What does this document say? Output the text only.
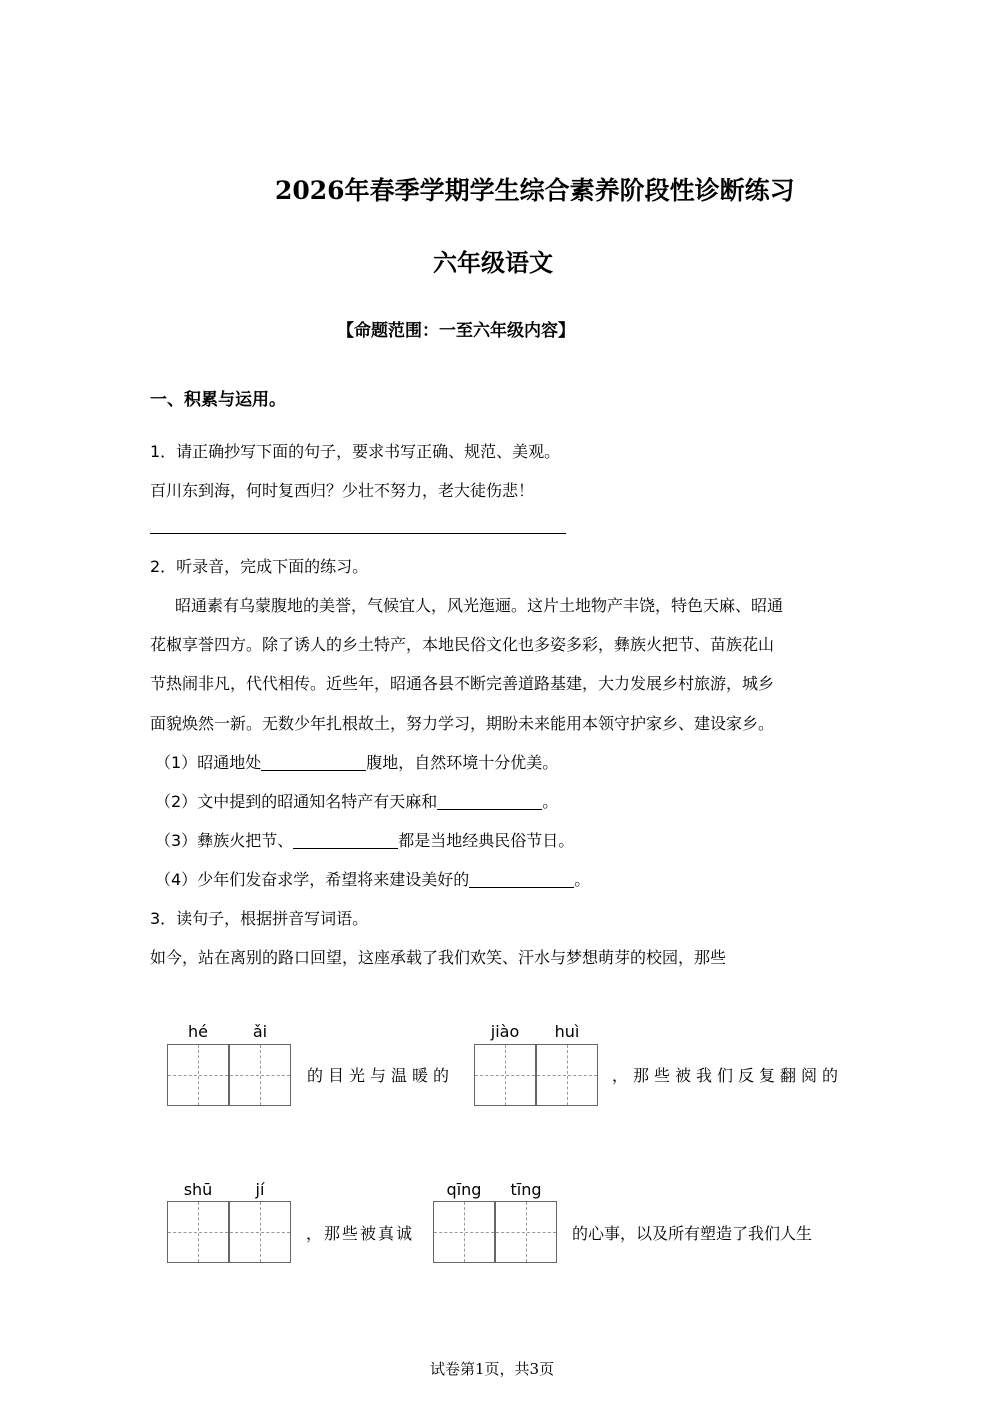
2026年春季学期学生综合素养阶段性诊断练习
六年级语文
【命题范围：一至六年级内容】
一、积累与运用。
1．请正确抄写下面的句子，要求书写正确、规范、美观。
百川东到海，何时复西归？少壮不努力，老大徒伤悲！
2．听录音，完成下面的练习。
昭通素有乌蒙腹地的美誉，气候宜人，风光迤逦。这片土地物产丰饶，特色天麻、昭通
花椒享誉四方。除了诱人的乡土特产，本地民俗文化也多姿多彩，彝族火把节、苗族花山
节热闹非凡，代代相传。近些年，昭通各县不断完善道路基建，大力发展乡村旅游，城乡
面貌焕然一新。无数少年扎根故土，努力学习，期盼未来能用本领守护家乡、建设家乡。
（1）昭通地处	腹地，自然环境十分优美。
（2）文中提到的昭通知名特产有天麻和	。
（3）彝族火把节、	都是当地经典民俗节日。
（4）少年们发奋求学，希望将来建设美好的	。
3．读句子，根据拼音写词语。
如今，站在离别的路口回望，这座承载了我们欢笑、汗水与梦想萌芽的校园，那些
hé	ǎi
的目光与温暖的
jiào	huì
，那些被我们反复翻阅的
shū	jí
，那些被真诚
qīng	tīng
的心事，以及所有塑造了我们人生
试卷第1页，共3页
